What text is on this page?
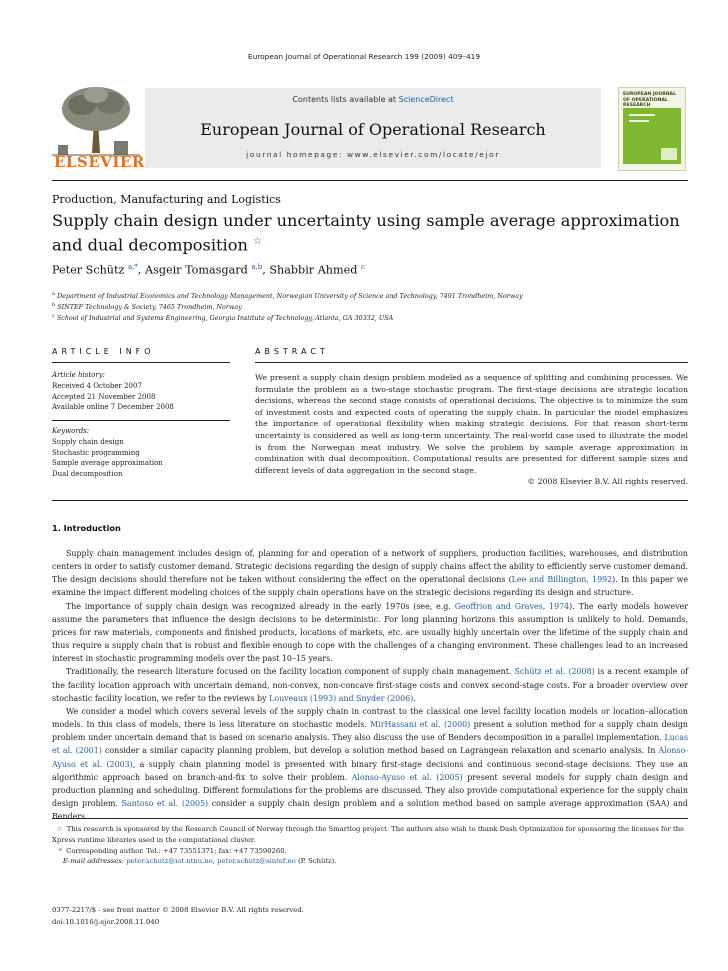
European Journal of Operational Research 199 (2009) 409–419
ELSEVIER
Contents lists available at ScienceDirect
European Journal of Operational Research
journal homepage: www.elsevier.com/locate/ejor
EUROPEAN JOURNAL OF OPERATIONAL RESEARCH
Production, Manufacturing and Logistics
Supply chain design under uncertainty using sample average approximation and dual decomposition ☆
Peter Schütz $^{a,*}$, Asgeir Tomasgard $^{a,b}$, Shabbir Ahmed $^c$
$^a$ Department of Industrial Economics and Technology Management, Norwegian University of Science and Technology, 7491 Trondheim, Norway
$^b$ SINTEF Technology & Society, 7465 Trondheim, Norway
$^c$ School of Industrial and Systems Engineering, Georgia Institute of Technology, Atlanta, GA 30332, USA
ARTICLE INFO
Article history:
Received 4 October 2007
Accepted 21 November 2008
Available online 7 December 2008
Keywords:
Supply chain design
Stochastic programming
Sample average approximation
Dual decomposition
ABSTRACT
We present a supply chain design problem modeled as a sequence of splitting and combining processes. We formulate the problem as a two-stage stochastic program. The first-stage decisions are strategic location decisions, whereas the second stage consists of operational decisions. The objective is to minimize the sum of investment costs and expected costs of operating the supply chain. In particular the model emphasizes the importance of operational flexibility when making strategic decisions. For that reason short-term uncertainty is considered as well as long-term uncertainty. The real-world case used to illustrate the model is from the Norwegian meat industry. We solve the problem by sample average approximation in combination with dual decomposition. Computational results are presented for different sample sizes and different levels of data aggregation in the second stage.
© 2008 Elsevier B.V. All rights reserved.
1. Introduction

Supply chain management includes design of, planning for and operation of a network of suppliers, production facilities, warehouses, and distribution centers in order to satisfy customer demand. Strategic decisions regarding the design of supply chains affect the ability to efficiently serve customer demand. The design decisions should therefore not be taken without considering the effect on the operational decisions (Lee and Billington, 1992). In this paper we examine the impact different modeling choices of the supply chain operations have on the strategic decisions regarding its design and structure.

The importance of supply chain design was recognized already in the early 1970s (see, e.g. Geoffrion and Graves, 1974). The early models however assume the parameters that influence the design decisions to be deterministic. For long planning horizons this assumption is unlikely to hold. Demands, prices for raw materials, components and finished products, locations of markets, etc. are usually highly uncertain over the lifetime of the supply chain and thus require a supply chain that is robust and flexible enough to cope with the challenges of a changing environment. These challenges lead to an increased interest in stochastic programming models over the past 10–15 years.

Traditionally, the research literature focused on the facility location component of supply chain management. Schütz et al. (2008) is a recent example of the facility location approach with uncertain demand, non-convex, non-concave first-stage costs and convex second-stage costs. For a broader overview over stochastic facility location, we refer to the reviews by Louveaux (1993) and Snyder (2006).

We consider a model which covers several levels of the supply chain in contrast to the classical one level facility location models or location–allocation models. In this class of models, there is less literature on stochastic models. MirHassani et al. (2000) present a solution method for a supply chain design problem under uncertain demand that is based on scenario analysis. They also discuss the use of Benders decomposition in a parallel implementation. Lucas et al. (2001) consider a similar capacity planning problem, but develop a solution method based on Lagrangean relaxation and scenario analysis. In Alonso-Ayuso et al. (2003), a supply chain planning model is presented with binary first-stage decisions and continuous second-stage decisions. They use an algorithmic approach based on branch-and-fix to solve their problem. Alonso-Ayuso et al. (2005) present several models for supply chain design and production planning and scheduling. Different formulations for the problems are discussed. They also provide computational experience for the supply chain design problem. Santoso et al. (2005) consider a supply chain design problem and a solution method based on sample average approximation (SAA) and Benders

☆ This research is sponsored by the Research Council of Norway through the Smartlog project. The authors also wish to thank Dash Optimization for sponsoring the licenses for the Xpress runtime libraries used in the computational cluster.
* Corresponding author. Tel.: +47 73551371; fax: +47 73590260.
E-mail addresses: peter.schutz@iot.ntnu.no, peter.schutz@sintef.no (P. Schütz).
0377-2217/$ - see front matter © 2008 Elsevier B.V. All rights reserved.
doi:10.1016/j.ejor.2008.11.040
